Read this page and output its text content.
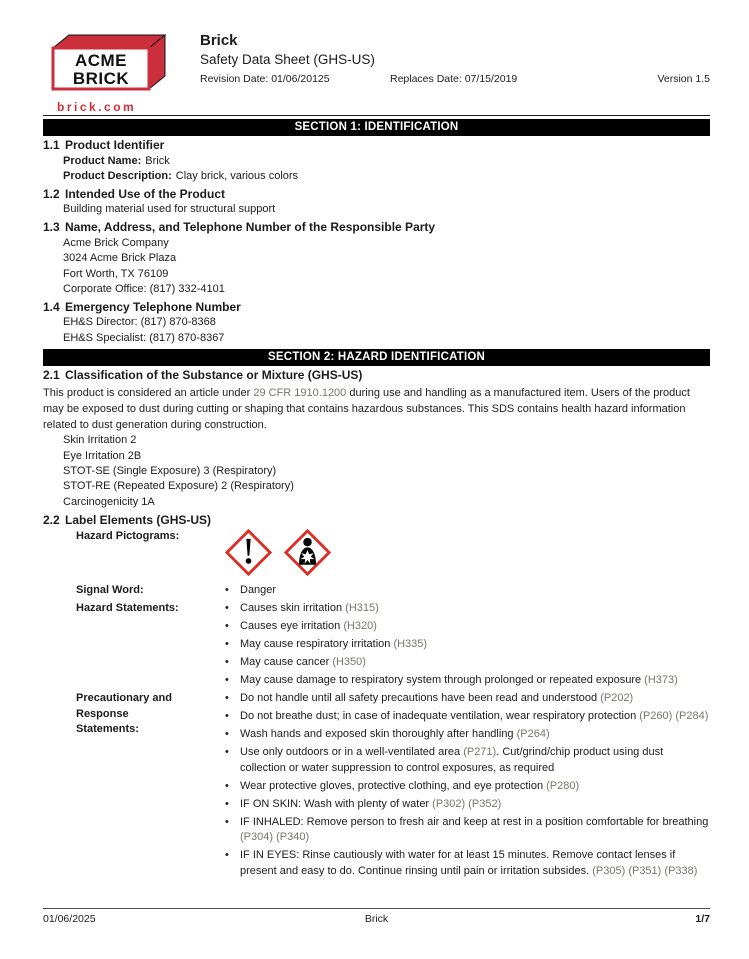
ACME
BRICK
brick.com
Brick
Safety Data Sheet (GHS-US)
Revision Date: 01/06/20125	Replaces Date: 07/15/2019	Version 1.5
SECTION 1: IDENTIFICATION
1.1 Product Identifier
Product Name: Brick
Product Description: Clay brick, various colors
1.2 Intended Use of the Product
Building material used for structural support
1.3 Name, Address, and Telephone Number of the Responsible Party
Acme Brick Company
3024 Acme Brick Plaza
Fort Worth, TX 76109
Corporate Office: (817) 332-4101
1.4 Emergency Telephone Number
EH&S Director: (817) 870-8368
EH&S Specialist: (817) 870-8367
SECTION 2: HAZARD IDENTIFICATION
2.1 Classification of the Substance or Mixture (GHS-US)
This product is considered an article under 29 CFR 1910.1200 during use and handling as a manufactured item. Users of the product may be exposed to dust during cutting or shaping that contains hazardous substances. This SDS contains health hazard information related to dust generation during construction.
Skin Irritation 2
Eye Irritation 2B
STOT-SE (Single Exposure) 3 (Respiratory)
STOT-RE (Repeated Exposure) 2 (Respiratory)
Carcinogenicity 1A
2.2 Label Elements (GHS-US)
Hazard Pictograms:
Signal Word:	•	Danger
Hazard Statements:	•	Causes skin irritation (H315)
•	Causes eye irritation (H320)
•	May cause respiratory irritation (H335)
•	May cause cancer (H350)
•	May cause damage to respiratory system through prolonged or repeated exposure (H373)
Precautionary and Response Statements:
•	Do not handle until all safety precautions have been read and understood (P202)
•	Do not breathe dust; in case of inadequate ventilation, wear respiratory protection (P260) (P284)
•	Wash hands and exposed skin thoroughly after handling (P264)
•	Use only outdoors or in a well-ventilated area (P271). Cut/grind/chip product using dust collection or water suppression to control exposures, as required
•	Wear protective gloves, protective clothing, and eye protection (P280)
•	IF ON SKIN: Wash with plenty of water (P302) (P352)
•	IF INHALED: Remove person to fresh air and keep at rest in a position comfortable for breathing (P304) (P340)
•	IF IN EYES: Rinse cautiously with water for at least 15 minutes. Remove contact lenses if present and easy to do. Continue rinsing until pain or irritation subsides. (P305) (P351) (P338)
01/06/2025	Brick	1/7
